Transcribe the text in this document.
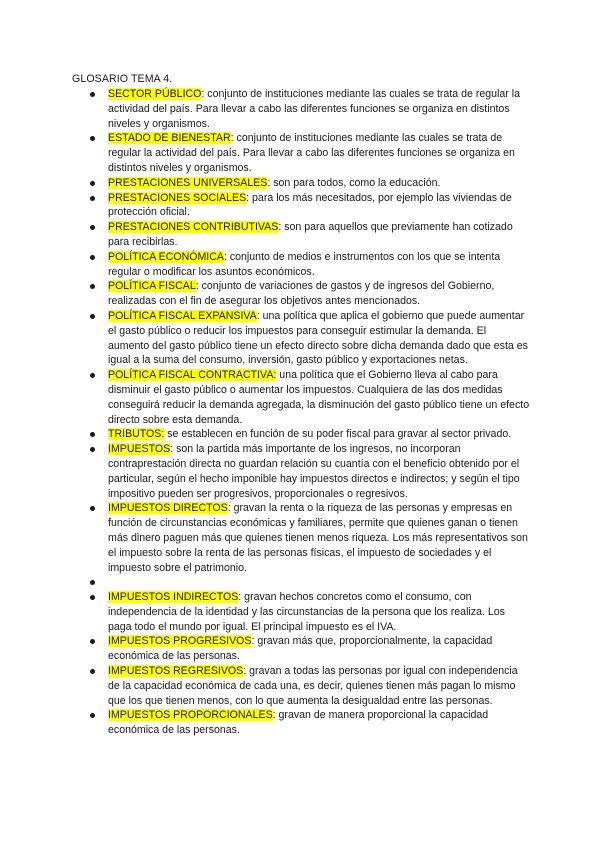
GLOSARIO TEMA 4.
SECTOR PÚBLICO: conjunto de instituciones mediante las cuales se trata de regular la actividad del país. Para llevar a cabo las diferentes funciones se organiza en distintos niveles y organismos.
ESTADO DE BIENESTAR: conjunto de instituciones mediante las cuales se trata de regular la actividad del país. Para llevar a cabo las diferentes funciones se organiza en distintos niveles y organismos.
PRESTACIONES UNIVERSALES: son para todos, como la educación.
PRESTACIONES SOCIALES: para los más necesitados, por ejemplo las viviendas de protección oficial.
PRESTACIONES CONTRIBUTIVAS: son para aquellos que previamente han cotizado para recibirlas.
POLÍTICA ECONÓMICA: conjunto de medios e instrumentos con los que se intenta regular o modificar los asuntos económicos.
POLÍTICA FISCAL: conjunto de variaciones de gastos y de ingresos del Gobierno, realizadas con el fin de asegurar los objetivos antes mencionados.
POLÍTICA FISCAL EXPANSIVA: una política que aplica el gobierno que puede aumentar el gasto público o reducir los impuestos para conseguir estimular la demanda. El aumento del gasto público tiene un efecto directo sobre dicha demanda dado que esta es igual a la suma del consumo, inversión, gasto público y exportaciones netas.
POLÍTICA FISCAL CONTRACTIVA: una política que el Gobierno lleva al cabo para disminuir el gasto público o aumentar los impuestos. Cualquiera de las dos medidas conseguirá reducir la demanda agregada, la disminución del gasto público tiene un efecto directo sobre esta demanda.
TRIBUTOS: se establecen en función de su poder fiscal para gravar al sector privado.
IMPUESTOS: son la partida más importante de los ingresos, no incorporan contraprestación directa no guardan relación su cuantía con el beneficio obtenido por el particular, según el hecho imponible hay impuestos directos e indirectos; y según el tipo impositivo pueden ser progresivos, proporcionales o regresivos.
IMPUESTOS DIRECTOS: gravan la renta o la riqueza de las personas y empresas en función de circunstancias económicas y familiares, permite que quienes ganan o tienen más dinero paguen más que quienes tienen menos riqueza. Los más representativos son el impuesto sobre la renta de las personas físicas, el impuesto de sociedades y el impuesto sobre el patrimonio.
IMPUESTOS INDIRECTOS: gravan hechos concretos como el consumo, con independencia de la identidad y las circunstancias de la persona que los realiza. Los paga todo el mundo por igual. El principal impuesto es el IVA.
IMPUESTOS PROGRESIVOS: gravan más que, proporcionalmente, la capacidad económica de las personas.
IMPUESTOS REGRESIVOS: gravan a todas las personas por igual con independencia de la capacidad económica de cada una, es decir, quienes tienen más pagan lo mismo que los que tienen menos, con lo que aumenta la desigualdad entre las personas.
IMPUESTOS PROPORCIONALES: gravan de manera proporcional la capacidad económica de las personas.
